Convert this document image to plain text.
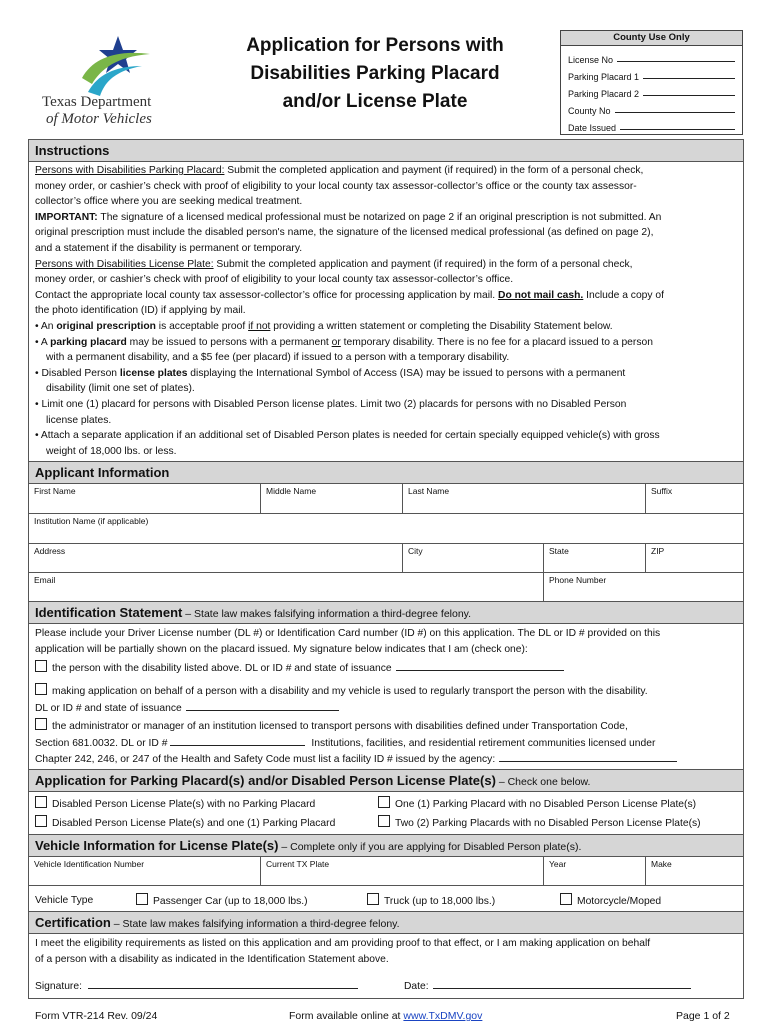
Texas Department
of Motor Vehicles
Application for Persons with
Disabilities Parking Placard
and/or License Plate
County Use Only
License No
Parking Placard 1
Parking Placard 2
County No
Date Issued
Instructions
Persons with Disabilities Parking Placard: Submit the completed application and payment (if required) in the form of a personal check,
money order, or cashier’s check with proof of eligibility to your local county tax assessor-collector’s office or the county tax assessor-
collector’s office where you are seeking medical treatment.
IMPORTANT: The signature of a licensed medical professional must be notarized on page 2 if an original prescription is not submitted. An
original prescription must include the disabled person's name, the signature of the licensed medical professional (as defined on page 2),
and a statement if the disability is permanent or temporary.
Persons with Disabilities License Plate: Submit the completed application and payment (if required) in the form of a personal check,
money order, or cashier’s check with proof of eligibility to your local county tax assessor-collector’s office.
Contact the appropriate local county tax assessor-collector’s office for processing application by mail. Do not mail cash. Include a copy of
the photo identification (ID) if applying by mail.
• An original prescription is acceptable proof if not providing a written statement or completing the Disability Statement below.
• A parking placard may be issued to persons with a permanent or temporary disability. There is no fee for a placard issued to a person
with a permanent disability, and a $5 fee (per placard) if issued to a person with a temporary disability.
• Disabled Person license plates displaying the International Symbol of Access (ISA) may be issued to persons with a permanent
disability (limit one set of plates).
• Limit one (1) placard for persons with Disabled Person license plates. Limit two (2) placards for persons with no Disabled Person
license plates.
• Attach a separate application if an additional set of Disabled Person plates is needed for certain specially equipped vehicle(s) with gross
weight of 18,000 lbs. or less.
Applicant Information
First Name	Middle Name	Last Name	Suffix
Institution Name (if applicable)
Address	City	State	ZIP
Email	Phone Number
Identification Statement – State law makes falsifying information a third-degree felony.
Please include your Driver License number (DL #) or Identification Card number (ID #) on this application. The DL or ID # provided on this
application will be partially shown on the placard issued. My signature below indicates that I am (check one):
the person with the disability listed above. DL or ID # and state of issuance
making application on behalf of a person with a disability and my vehicle is used to regularly transport the person with the disability.
DL or ID # and state of issuance
the administrator or manager of an institution licensed to transport persons with disabilities defined under Transportation Code,
Section 681.0032. DL or ID #	Institutions, facilities, and residential retirement communities licensed under
Chapter 242, 246, or 247 of the Health and Safety Code must list a facility ID # issued by the agency:
Application for Parking Placard(s) and/or Disabled Person License Plate(s) – Check one below.
Disabled Person License Plate(s) with no Parking Placard	One (1) Parking Placard with no Disabled Person License Plate(s)
Disabled Person License Plate(s) and one (1) Parking Placard	Two (2) Parking Placards with no Disabled Person License Plate(s)
Vehicle Information for License Plate(s) – Complete only if you are applying for Disabled Person plate(s).
Vehicle Identification Number	Current TX Plate	Year	Make
Vehicle Type	Passenger Car (up to 18,000 lbs.)	Truck (up to 18,000 lbs.)	Motorcycle/Moped
Certification – State law makes falsifying information a third-degree felony.
I meet the eligibility requirements as listed on this application and am providing proof to that effect, or I am making application on behalf
of a person with a disability as indicated in the Identification Statement above.
Signature:	Date:
Form VTR-214 Rev. 09/24	Form available online at www.TxDMV.gov	Page 1 of 2
